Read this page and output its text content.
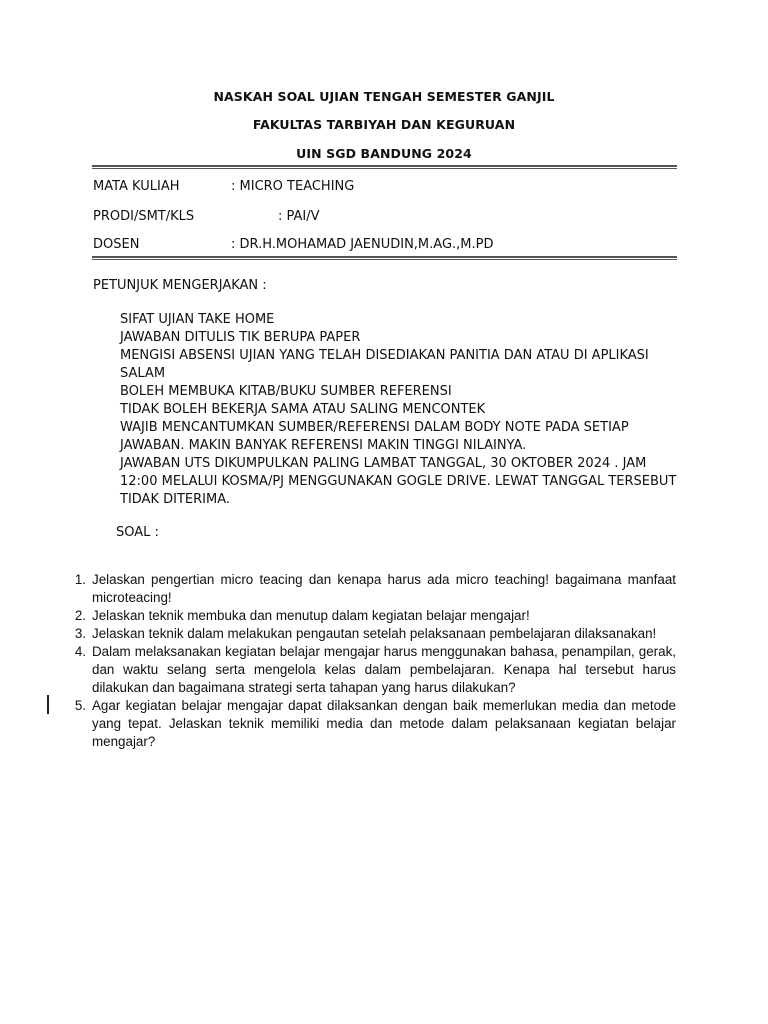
NASKAH SOAL UJIAN TENGAH SEMESTER GANJIL
FAKULTAS TARBIYAH DAN KEGURUAN
UIN SGD BANDUNG 2024
MATA KULIAH	: MICRO TEACHING
PRODI/SMT/KLS	: PAI/V
DOSEN	: DR.H.MOHAMAD JAENUDIN,M.AG.,M.PD
PETUNJUK MENGERJAKAN :
SIFAT UJIAN TAKE HOME
JAWABAN DITULIS TIK BERUPA PAPER
MENGISI ABSENSI UJIAN YANG TELAH DISEDIAKAN PANITIA DAN ATAU DI APLIKASI
SALAM
BOLEH MEMBUKA KITAB/BUKU SUMBER REFERENSI
TIDAK BOLEH BEKERJA SAMA ATAU SALING MENCONTEK
WAJIB MENCANTUMKAN SUMBER/REFERENSI DALAM BODY NOTE PADA SETIAP
JAWABAN. MAKIN BANYAK REFERENSI MAKIN TINGGI NILAINYA.
JAWABAN UTS DIKUMPULKAN PALING LAMBAT TANGGAL, 30 OKTOBER 2024 . JAM
12:00 MELALUI KOSMA/PJ MENGGUNAKAN GOGLE DRIVE. LEWAT TANGGAL TERSEBUT
TIDAK DITERIMA.
SOAL :
1. Jelaskan pengertian micro teacing dan kenapa harus ada micro teaching! bagaimana manfaat microteacing!
2. Jelaskan teknik membuka dan menutup dalam kegiatan belajar mengajar!
3. Jelaskan teknik dalam melakukan pengautan setelah pelaksanaan pembelajaran dilaksanakan!
4. Dalam melaksanakan kegiatan belajar mengajar harus menggunakan bahasa, penampilan, gerak, dan waktu selang serta mengelola kelas dalam pembelajaran. Kenapa hal tersebut harus dilakukan dan bagaimana strategi serta tahapan yang harus dilakukan?
5. Agar kegiatan belajar mengajar dapat dilaksankan dengan baik memerlukan media dan metode yang tepat. Jelaskan teknik memiliki media dan metode dalam pelaksanaan kegiatan belajar mengajar?
